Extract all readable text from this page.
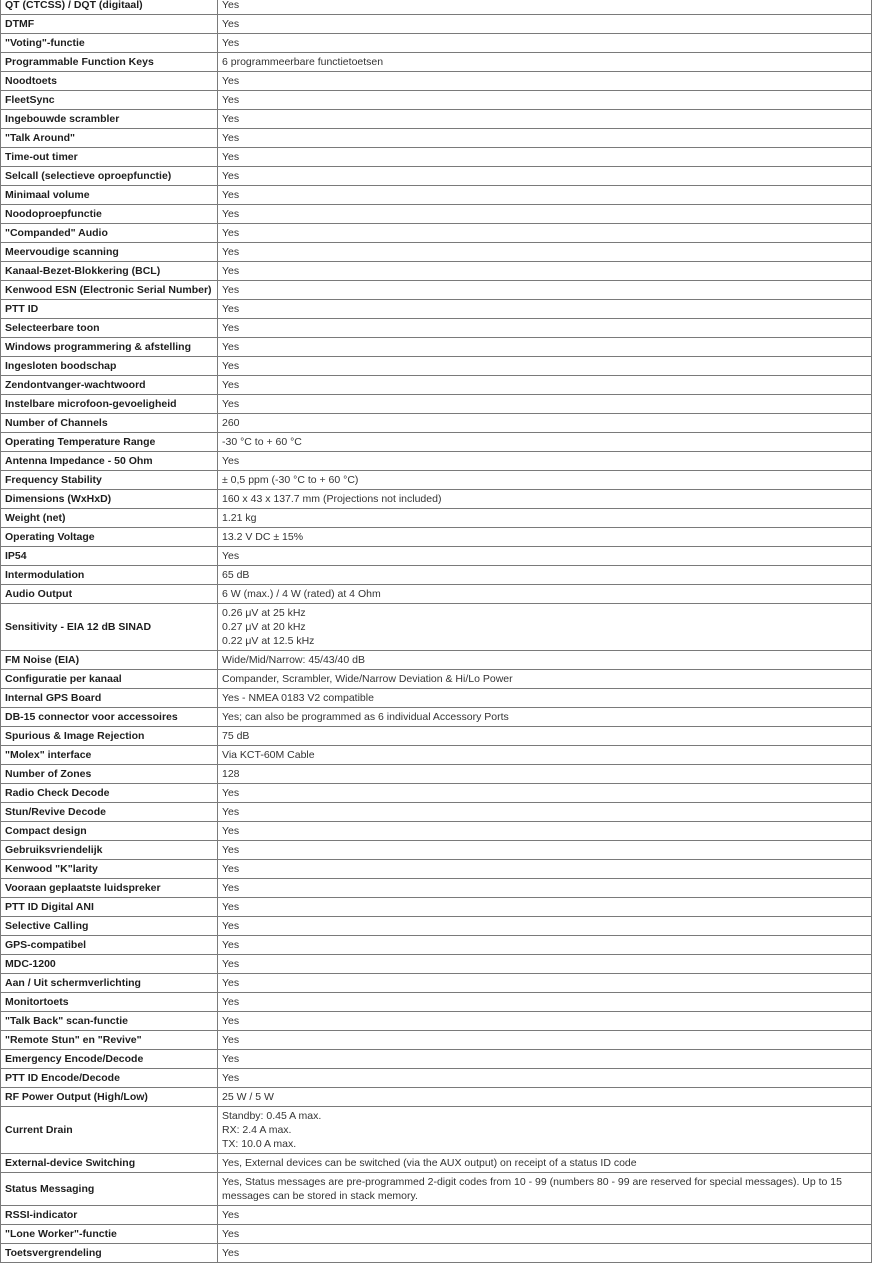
QT (CTCSS) / DQT (digitaal)	Yes

DTMF	Yes

"Voting"-functie	Yes

Programmable Function Keys	6 programmeerbare functietoetsen

Noodtoets	Yes

FleetSync	Yes

Ingebouwde scrambler	Yes

"Talk Around"	Yes

Time-out timer	Yes

Selcall (selectieve oproepfunctie)	Yes

Minimaal volume	Yes

Noodoproepfunctie	Yes

"Companded" Audio	Yes

Meervoudige scanning	Yes

Kanaal-Bezet-Blokkering (BCL)	Yes

Kenwood ESN (Electronic Serial Number)	Yes

PTT ID	Yes

Selecteerbare toon	Yes

Windows programmering & afstelling	Yes

Ingesloten boodschap	Yes

Zendontvanger-wachtwoord	Yes

Instelbare microfoon-gevoeligheid	Yes

Number of Channels	260

Operating Temperature Range	-30 °C to + 60 °C

Antenna Impedance - 50 Ohm	Yes

Frequency Stability	± 0,5 ppm (-30 °C to + 60 °C)

Dimensions (WxHxD)	160 x 43 x 137.7 mm (Projections not included)

Weight (net)	1.21 kg

Operating Voltage	13.2 V DC ± 15%

IP54	Yes

Intermodulation	65 dB

Audio Output	6 W (max.) / 4 W (rated) at 4 Ohm

Sensitivity - EIA 12 dB SINAD	0.26 μV at 25 kHz
0.27 μV at 20 kHz
0.22 μV at 12.5 kHz

FM Noise (EIA)	Wide/Mid/Narrow: 45/43/40 dB

Configuratie per kanaal	Compander, Scrambler, Wide/Narrow Deviation & Hi/Lo Power

Internal GPS Board	Yes - NMEA 0183 V2 compatible

DB-15 connector voor accessoires	Yes; can also be programmed as 6 individual Accessory Ports

Spurious & Image Rejection	75 dB

"Molex" interface	Via KCT-60M Cable

Number of Zones	128

Radio Check Decode	Yes

Stun/Revive Decode	Yes

Compact design	Yes

Gebruiksvriendelijk	Yes

Kenwood "K"larity	Yes

Vooraan geplaatste luidspreker	Yes

PTT ID Digital ANI	Yes

Selective Calling	Yes

GPS-compatibel	Yes

MDC-1200	Yes

Aan / Uit schermverlichting	Yes

Monitortoets	Yes

"Talk Back" scan-functie	Yes

"Remote Stun" en "Revive"	Yes

Emergency Encode/Decode	Yes

PTT ID Encode/Decode	Yes

RF Power Output (High/Low)	25 W / 5 W

Current Drain	Standby: 0.45 A max.
RX: 2.4 A max.
TX: 10.0 A max.

External-device Switching	Yes, External devices can be switched (via the AUX output) on receipt of a status ID code

Status Messaging	Yes, Status messages are pre-programmed 2-digit codes from 10 - 99 (numbers 80 - 99 are reserved for special messages). Up to 15 messages can be stored in stack memory.

RSSI-indicator	Yes

"Lone Worker"-functie	Yes

Toetsvergrendeling	Yes
